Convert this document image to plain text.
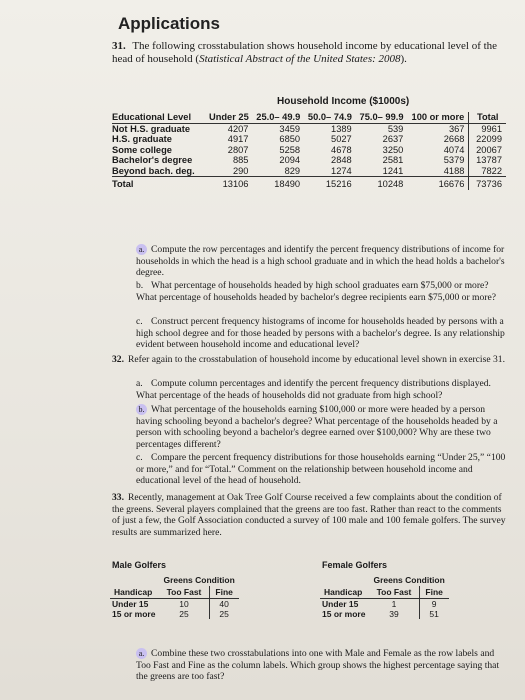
Applications
31. The following crosstabulation shows household income by educational level of the head of household (Statistical Abstract of the United States: 2008).
Household Income ($1000s)
Educational Level	Under 25	25.0– 49.9	50.0– 74.9	75.0– 99.9	100 or more	Total
Not H.S. graduate	4207	3459	1389	539	367	9961
H.S. graduate	4917	6850	5027	2637	2668	22099
Some college	2807	5258	4678	3250	4074	20067
Bachelor's degree	885	2094	2848	2581	5379	13787
Beyond bach. deg.	290	829	1274	1241	4188	7822
Total	13106	18490	15216	10248	16676	73736
a. Compute the row percentages and identify the percent frequency distributions of income for households in which the head is a high school graduate and in which the head holds a bachelor's degree.
b. What percentage of households headed by high school graduates earn $75,000 or more? What percentage of households headed by bachelor's degree recipients earn $75,000 or more?
c. Construct percent frequency histograms of income for households headed by persons with a high school degree and for those headed by persons with a bachelor's degree. Is any relationship evident between household income and educational level?
32. Refer again to the crosstabulation of household income by educational level shown in exercise 31.
a. Compute column percentages and identify the percent frequency distributions displayed. What percentage of the heads of households did not graduate from high school?
b. What percentage of the households earning $100,000 or more were headed by a person having schooling beyond a bachelor's degree? What percentage of the households headed by a person with schooling beyond a bachelor's degree earned over $100,000? Why are these two percentages different?
c. Compare the percent frequency distributions for those households earning “Under 25,” “100 or more,” and for “Total.” Comment on the relationship between household income and educational level of the head of household.
33. Recently, management at Oak Tree Golf Course received a few complaints about the condition of the greens. Several players complained that the greens are too fast. Rather than react to the comments of just a few, the Golf Association conducted a survey of 100 male and 100 female golfers. The survey results are summarized here.
Male Golfers
	Greens Condition	
Handicap	Too Fast	Fine
Under 15	10	40
15 or more	25	25
Female Golfers
	Greens Condition	
Handicap	Too Fast	Fine
Under 15	1	9
15 or more	39	51
a. Combine these two crosstabulations into one with Male and Female as the row labels and Too Fast and Fine as the column labels. Which group shows the highest percentage saying that the greens are too fast?
